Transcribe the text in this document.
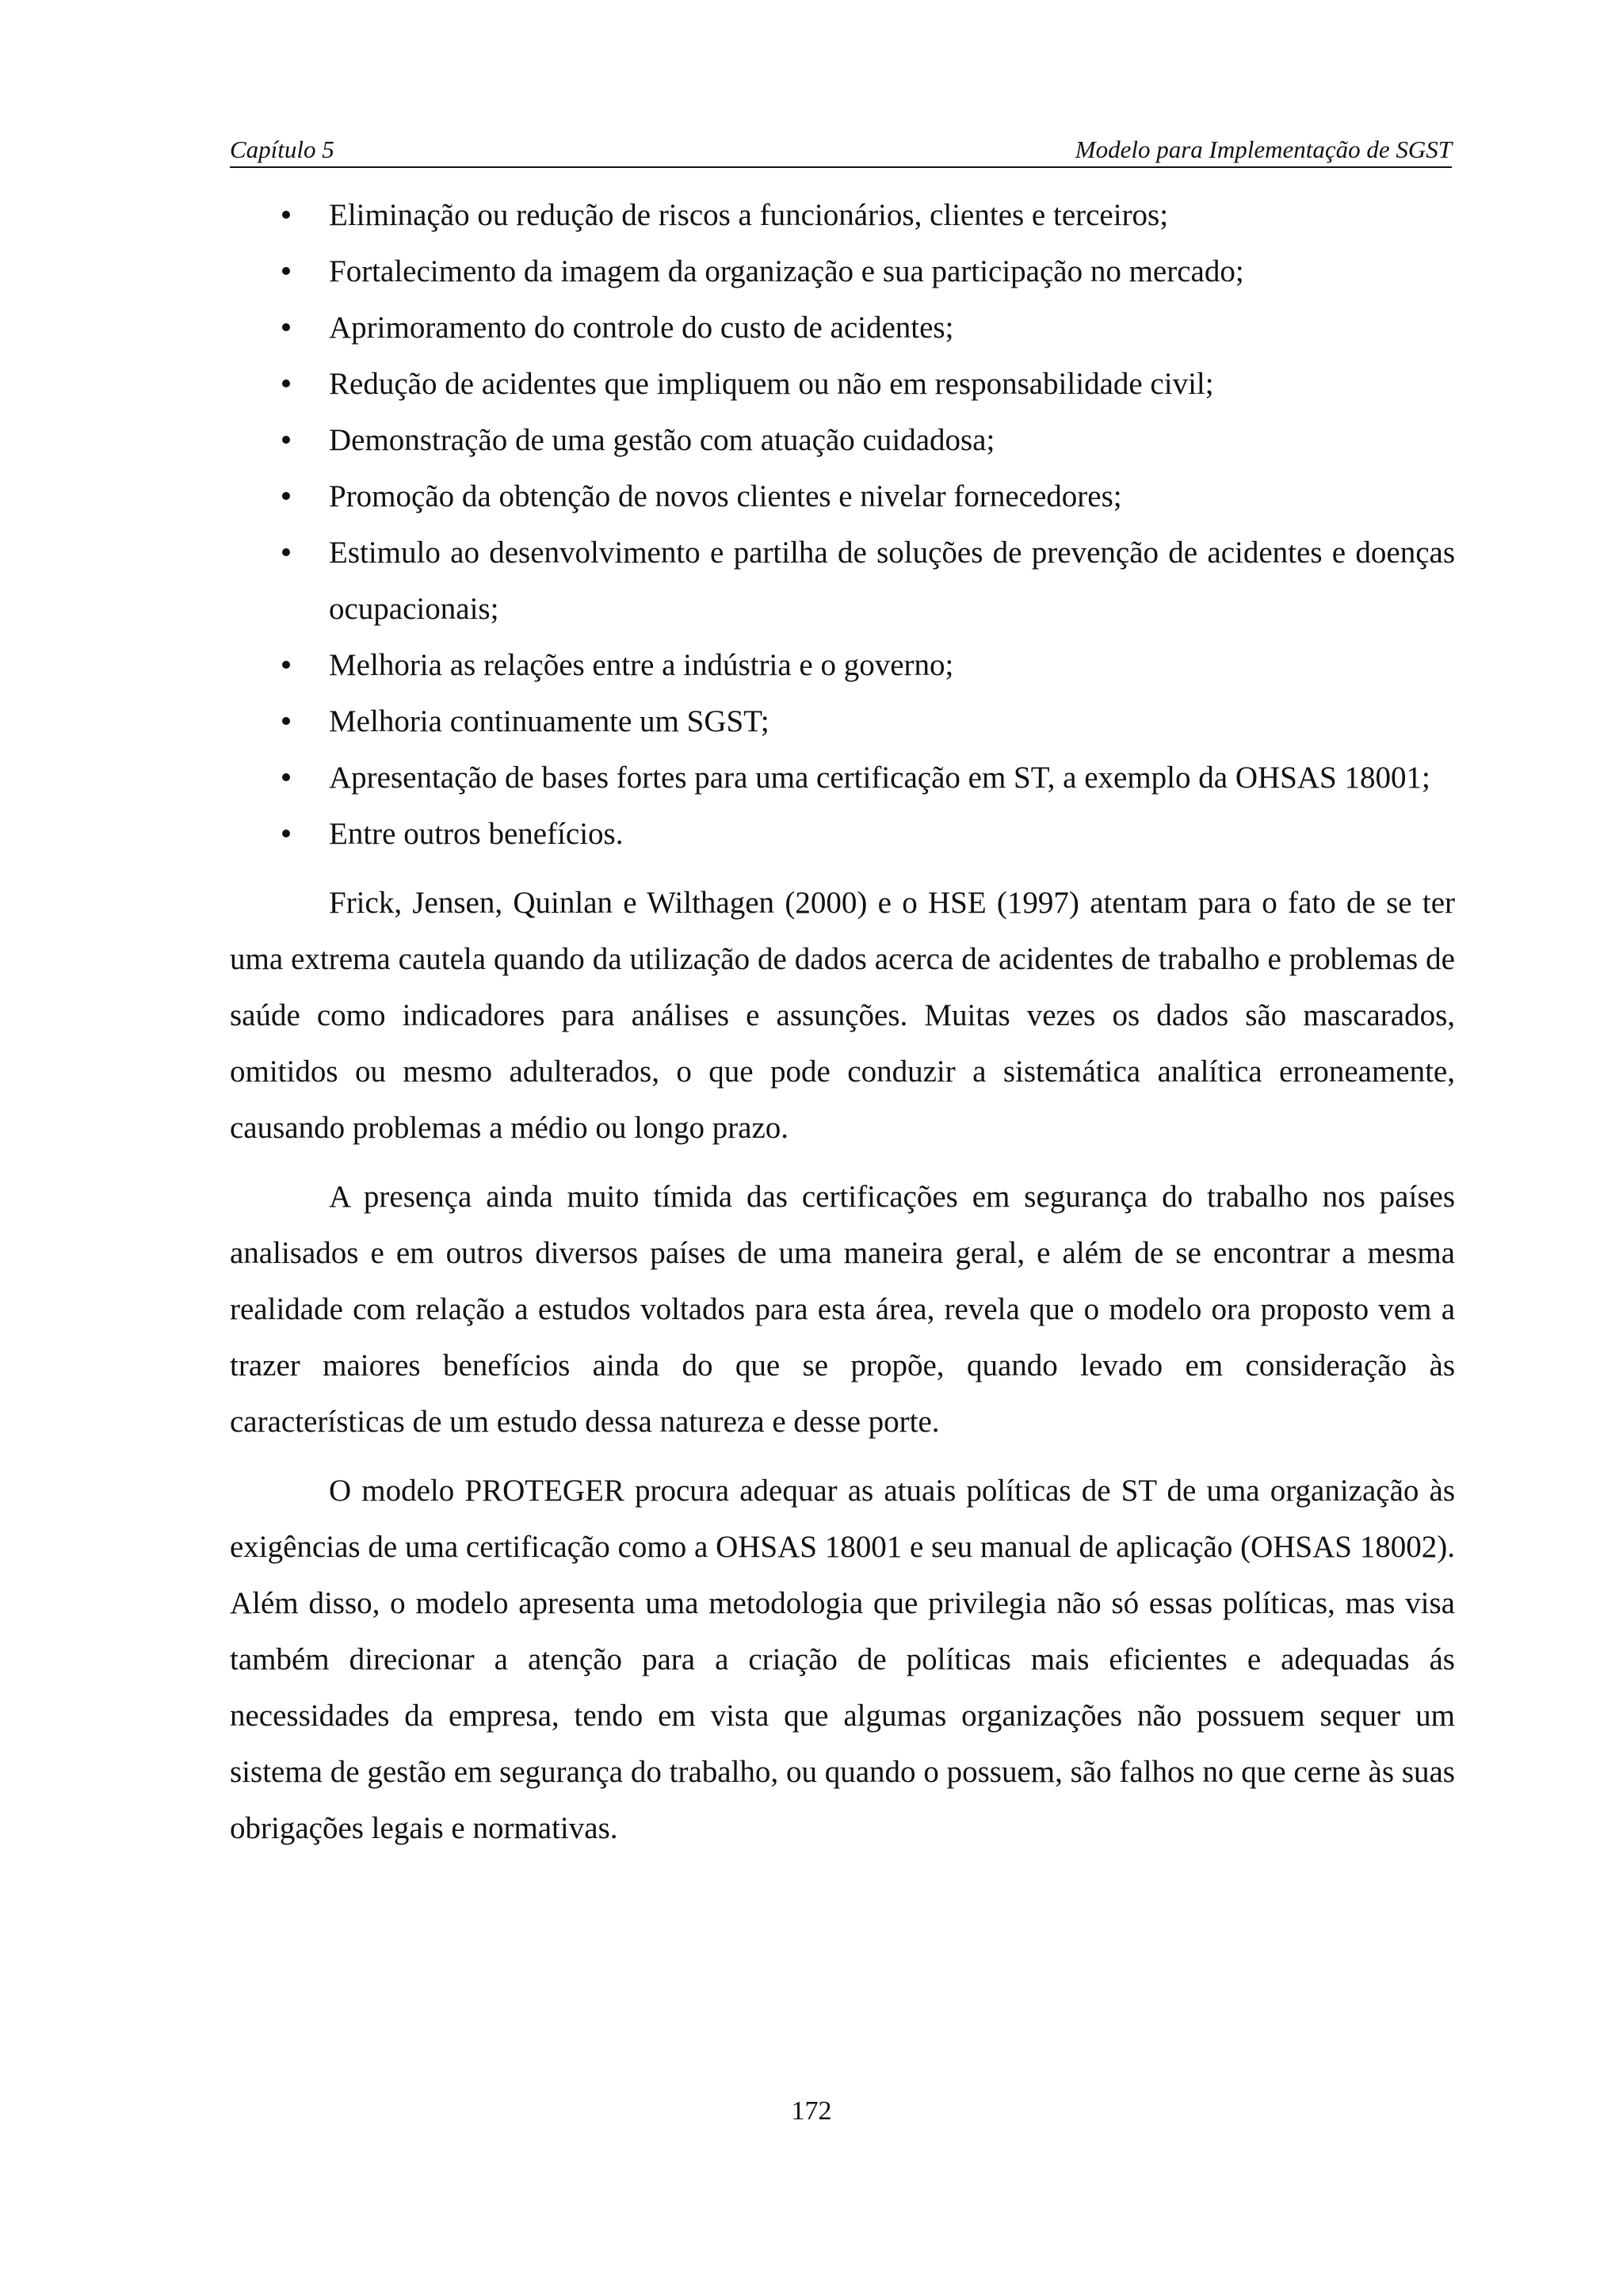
Capítulo 5	Modelo para Implementação de SGST
Eliminação ou redução de riscos a funcionários, clientes e terceiros;
Fortalecimento da imagem da organização e sua participação no mercado;
Aprimoramento do controle do custo de acidentes;
Redução de acidentes que impliquem ou não em responsabilidade civil;
Demonstração de uma gestão com atuação cuidadosa;
Promoção da obtenção de novos clientes e nivelar fornecedores;
Estimulo ao desenvolvimento e partilha de soluções de prevenção de acidentes e doenças ocupacionais;
Melhoria as relações entre a indústria e o governo;
Melhoria continuamente um SGST;
Apresentação de bases fortes para uma certificação em ST, a exemplo da OHSAS 18001;
Entre outros benefícios.

Frick, Jensen, Quinlan e Wilthagen (2000) e o HSE (1997) atentam para o fato de se ter uma extrema cautela quando da utilização de dados acerca de acidentes de trabalho e problemas de saúde como indicadores para análises e assunções. Muitas vezes os dados são mascarados, omitidos ou mesmo adulterados, o que pode conduzir a sistemática analítica erroneamente, causando problemas a médio ou longo prazo.

A presença ainda muito tímida das certificações em segurança do trabalho nos países analisados e em outros diversos países de uma maneira geral, e além de se encontrar a mesma realidade com relação a estudos voltados para esta área, revela que o modelo ora proposto vem a trazer maiores benefícios ainda do que se propõe, quando levado em consideração às características de um estudo dessa natureza e desse porte.

O modelo PROTEGER procura adequar as atuais políticas de ST de uma organização às exigências de uma certificação como a OHSAS 18001 e seu manual de aplicação (OHSAS 18002). Além disso, o modelo apresenta uma metodologia que privilegia não só essas políticas, mas visa também direcionar a atenção para a criação de políticas mais eficientes e adequadas ás necessidades da empresa, tendo em vista que algumas organizações não possuem sequer um sistema de gestão em segurança do trabalho, ou quando o possuem, são falhos no que cerne às suas obrigações legais e normativas.

172
